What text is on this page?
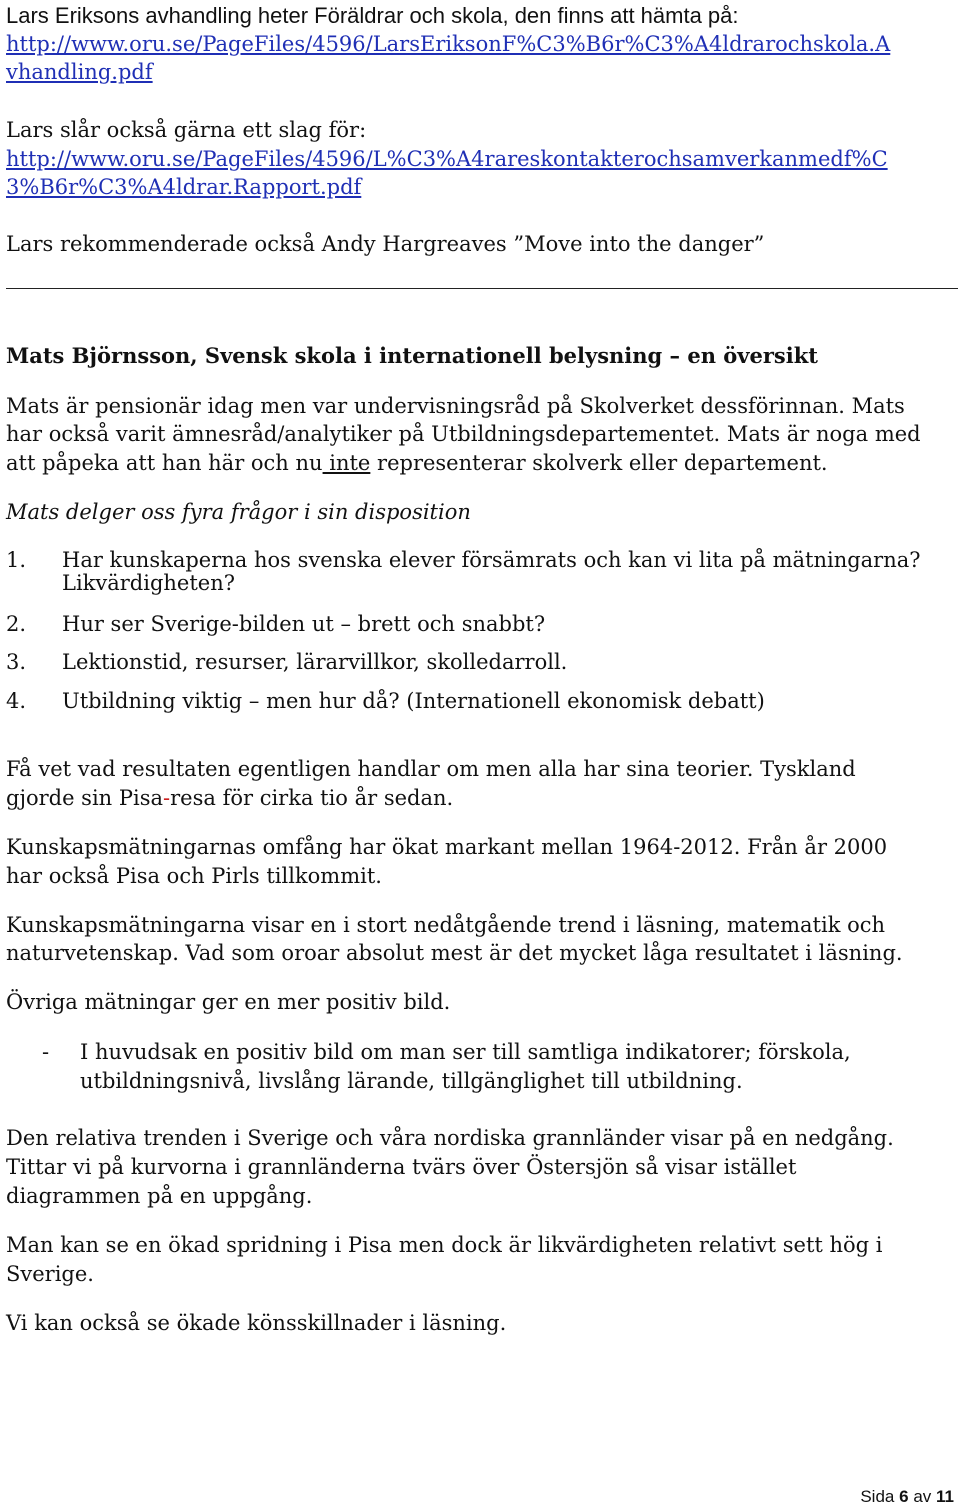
Lars Eriksons avhandling heter Föräldrar och skola, den finns att hämta på:
http://www.oru.se/PageFiles/4596/LarsEriksonF%C3%B6r%C3%A4ldrarochskola.A
vhandling.pdf
Lars slår också gärna ett slag för:
http://www.oru.se/PageFiles/4596/L%C3%A4rareskontakterochsamverkanmedf%C
3%B6r%C3%A4ldrar.Rapport.pdf
Lars rekommenderade också Andy Hargreaves ”Move into the danger”
Mats Björnsson, Svensk skola i internationell belysning – en översikt
Mats är pensionär idag men var undervisningsråd på Skolverket dessförinnan. Mats
har också varit ämnesråd/analytiker på Utbildningsdepartementet. Mats är noga med
att påpeka att han här och nu inte representerar skolverk eller departement.
Mats delger oss fyra frågor i sin disposition
1. Har kunskaperna hos svenska elever försämrats och kan vi lita på mätningarna?
Likvärdigheten?
2. Hur ser Sverige-bilden ut – brett och snabbt?
3. Lektionstid, resurser, lärarvillkor, skolledarroll.
4. Utbildning viktig – men hur då? (Internationell ekonomisk debatt)
Få vet vad resultaten egentligen handlar om men alla har sina teorier. Tyskland
gjorde sin Pisa-resa för cirka tio år sedan.
Kunskapsmätningarnas omfång har ökat markant mellan 1964-2012. Från år 2000
har också Pisa och Pirls tillkommit.
Kunskapsmätningarna visar en i stort nedåtgående trend i läsning, matematik och
naturvetenskap. Vad som oroar absolut mest är det mycket låga resultatet i läsning.
Övriga mätningar ger en mer positiv bild.
- I huvudsak en positiv bild om man ser till samtliga indikatorer; förskola,
utbildningsnivå, livslång lärande, tillgänglighet till utbildning.
Den relativa trenden i Sverige och våra nordiska grannländer visar på en nedgång.
Tittar vi på kurvorna i grannländerna tvärs över Östersjön så visar istället
diagrammen på en uppgång.
Man kan se en ökad spridning i Pisa men dock är likvärdigheten relativt sett hög i
Sverige.
Vi kan också se ökade könsskillnader i läsning.
Sida 6 av 11
